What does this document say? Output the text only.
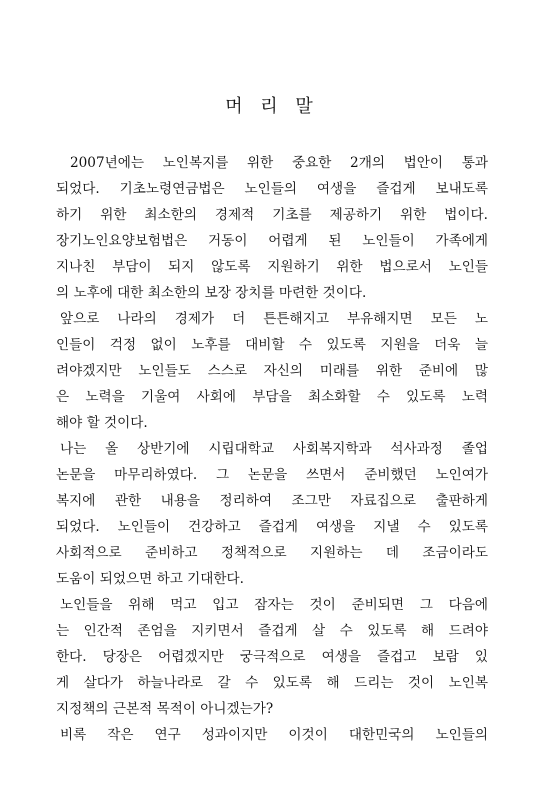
머 리 말
2007년에는 노인복지를 위한 중요한 2개의 법안이 통과
되었다. 기초노령연금법은 노인들의 여생을 즐겁게 보내도록
하기 위한 최소한의 경제적 기초를 제공하기 위한 법이다.
장기노인요양보험법은 거동이 어렵게 된 노인들이 가족에게
지나친 부담이 되지 않도록 지원하기 위한 법으로서 노인들
의 노후에 대한 최소한의 보장 장치를 마련한 것이다.
앞으로 나라의 경제가 더 튼튼해지고 부유해지면 모든 노
인들이 걱정 없이 노후를 대비할 수 있도록 지원을 더욱 늘
려야겠지만 노인들도 스스로 자신의 미래를 위한 준비에 많
은 노력을 기울여 사회에 부담을 최소화할 수 있도록 노력
해야 할 것이다.
나는 올 상반기에 시립대학교 사회복지학과 석사과정 졸업
논문을 마무리하였다. 그 논문을 쓰면서 준비했던 노인여가
복지에 관한 내용을 정리하여 조그만 자료집으로 출판하게
되었다. 노인들이 건강하고 즐겁게 여생을 지낼 수 있도록
사회적으로 준비하고 정책적으로 지원하는 데 조금이라도
도움이 되었으면 하고 기대한다.
노인들을 위해 먹고 입고 잠자는 것이 준비되면 그 다음에
는 인간적 존엄을 지키면서 즐겁게 살 수 있도록 해 드려야
한다. 당장은 어렵겠지만 궁극적으로 여생을 즐겁고 보람 있
게 살다가 하늘나라로 갈 수 있도록 해 드리는 것이 노인복
지정책의 근본적 목적이 아니겠는가?
비록 작은 연구 성과이지만 이것이 대한민국의 노인들의
